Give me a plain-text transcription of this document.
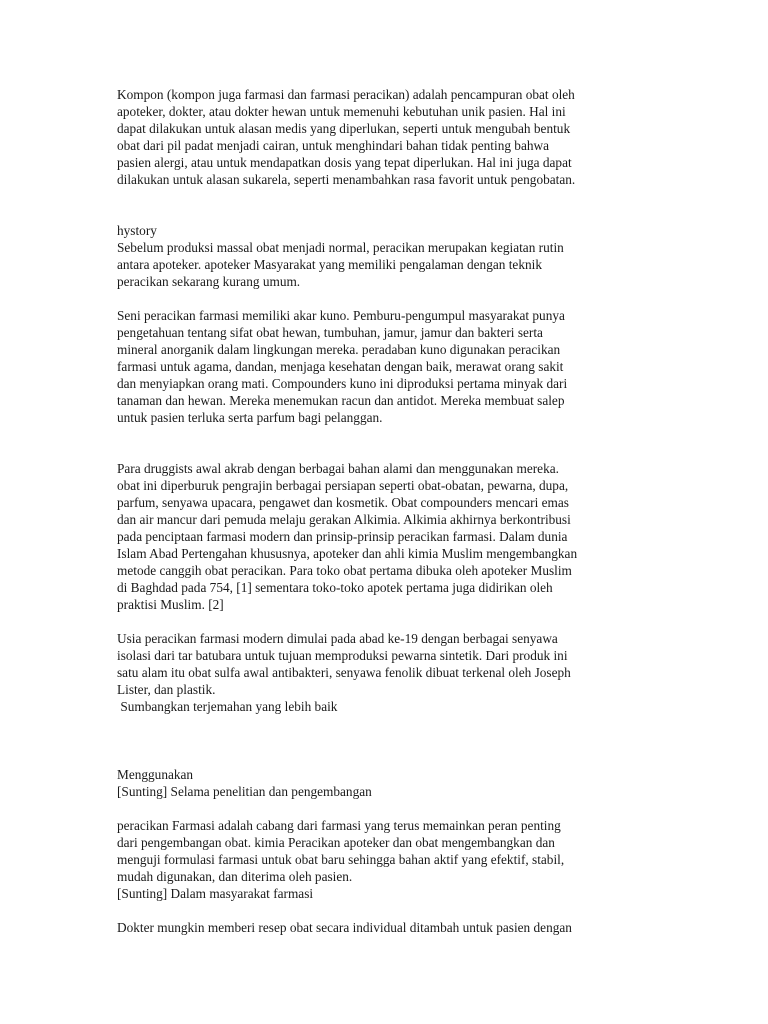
Kompon (kompon juga farmasi dan farmasi peracikan) adalah pencampuran obat oleh
apoteker, dokter, atau dokter hewan untuk memenuhi kebutuhan unik pasien. Hal ini
dapat dilakukan untuk alasan medis yang diperlukan, seperti untuk mengubah bentuk
obat dari pil padat menjadi cairan, untuk menghindari bahan tidak penting bahwa
pasien alergi, atau untuk mendapatkan dosis yang tepat diperlukan. Hal ini juga dapat
dilakukan untuk alasan sukarela, seperti menambahkan rasa favorit untuk pengobatan.
hystory
Sebelum produksi massal obat menjadi normal, peracikan merupakan kegiatan rutin
antara apoteker. apoteker Masyarakat yang memiliki pengalaman dengan teknik
peracikan sekarang kurang umum.
Seni peracikan farmasi memiliki akar kuno. Pemburu-pengumpul masyarakat punya
pengetahuan tentang sifat obat hewan, tumbuhan, jamur, jamur dan bakteri serta
mineral anorganik dalam lingkungan mereka. peradaban kuno digunakan peracikan
farmasi untuk agama, dandan, menjaga kesehatan dengan baik, merawat orang sakit
dan menyiapkan orang mati. Compounders kuno ini diproduksi pertama minyak dari
tanaman dan hewan. Mereka menemukan racun dan antidot. Mereka membuat salep
untuk pasien terluka serta parfum bagi pelanggan.
Para druggists awal akrab dengan berbagai bahan alami dan menggunakan mereka.
obat ini diperburuk pengrajin berbagai persiapan seperti obat-obatan, pewarna, dupa,
parfum, senyawa upacara, pengawet dan kosmetik. Obat compounders mencari emas
dan air mancur dari pemuda melaju gerakan Alkimia. Alkimia akhirnya berkontribusi
pada penciptaan farmasi modern dan prinsip-prinsip peracikan farmasi. Dalam dunia
Islam Abad Pertengahan khususnya, apoteker dan ahli kimia Muslim mengembangkan
metode canggih obat peracikan. Para toko obat pertama dibuka oleh apoteker Muslim
di Baghdad pada 754, [1] sementara toko-toko apotek pertama juga didirikan oleh
praktisi Muslim. [2]
Usia peracikan farmasi modern dimulai pada abad ke-19 dengan berbagai senyawa
isolasi dari tar batubara untuk tujuan memproduksi pewarna sintetik. Dari produk ini
satu alam itu obat sulfa awal antibakteri, senyawa fenolik dibuat terkenal oleh Joseph
Lister, dan plastik.
Sumbangkan terjemahan yang lebih baik
Menggunakan
[Sunting] Selama penelitian dan pengembangan
peracikan Farmasi adalah cabang dari farmasi yang terus memainkan peran penting
dari pengembangan obat. kimia Peracikan apoteker dan obat mengembangkan dan
menguji formulasi farmasi untuk obat baru sehingga bahan aktif yang efektif, stabil,
mudah digunakan, dan diterima oleh pasien.
[Sunting] Dalam masyarakat farmasi
Dokter mungkin memberi resep obat secara individual ditambah untuk pasien dengan
